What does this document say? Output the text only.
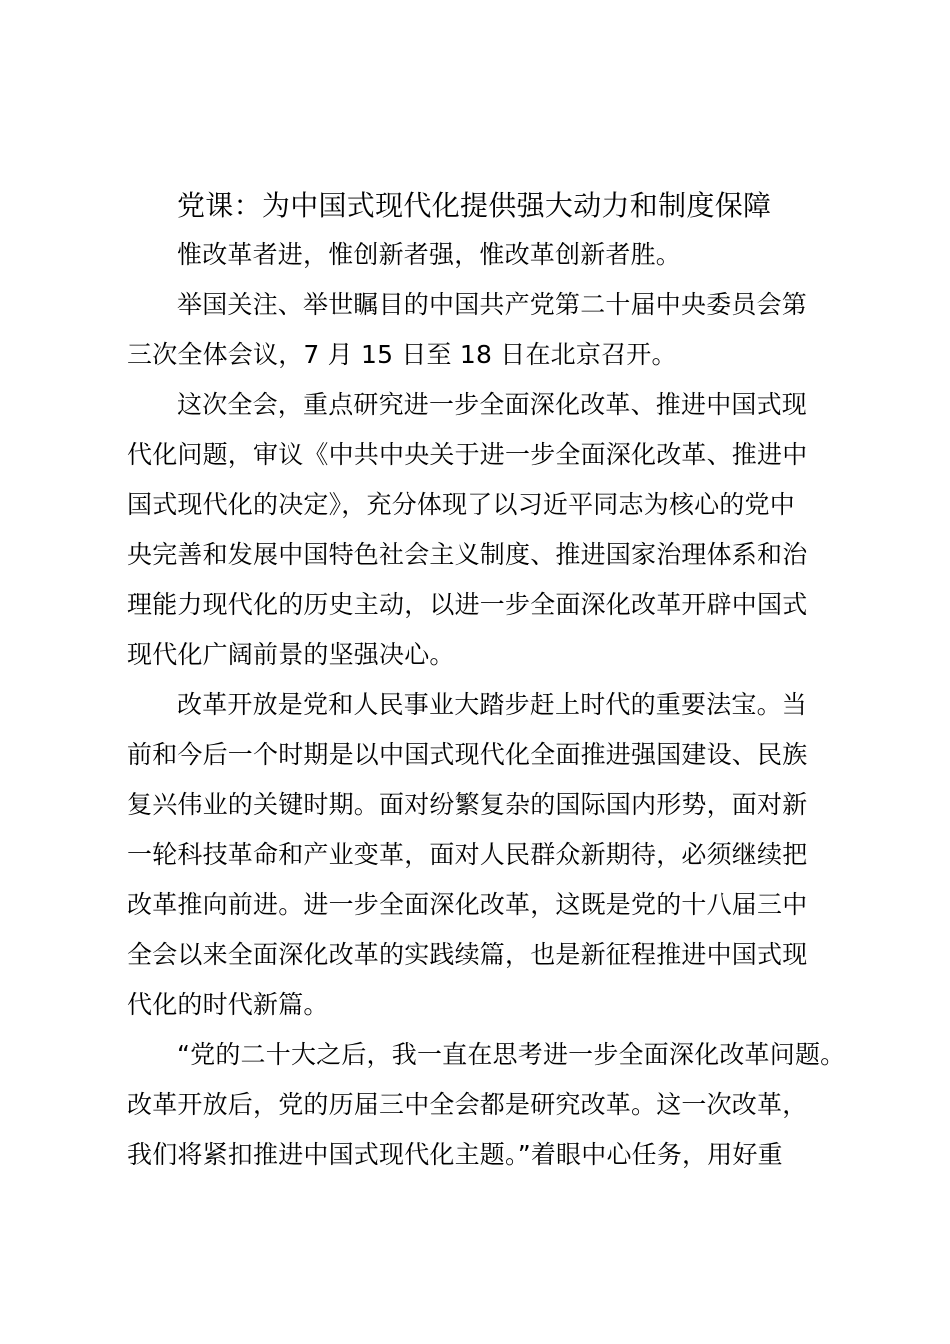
党课：为中国式现代化提供强大动力和制度保障

惟改革者进，惟创新者强，惟改革创新者胜。

举国关注、举世瞩目的中国共产党第二十届中央委员会第
三次全体会议，7 月 15 日至 18 日在北京召开。

这次全会，重点研究进一步全面深化改革、推进中国式现
代化问题，审议《中共中央关于进一步全面深化改革、推进中
国式现代化的决定》，充分体现了以习近平同志为核心的党中
央完善和发展中国特色社会主义制度、推进国家治理体系和治
理能力现代化的历史主动，以进一步全面深化改革开辟中国式
现代化广阔前景的坚强决心。

改革开放是党和人民事业大踏步赶上时代的重要法宝。当
前和今后一个时期是以中国式现代化全面推进强国建设、民族
复兴伟业的关键时期。面对纷繁复杂的国际国内形势，面对新
一轮科技革命和产业变革，面对人民群众新期待，必须继续把
改革推向前进。进一步全面深化改革，这既是党的十八届三中
全会以来全面深化改革的实践续篇，也是新征程推进中国式现
代化的时代新篇。

“党的二十大之后，我一直在思考进一步全面深化改革问题。
改革开放后，党的历届三中全会都是研究改革。这一次改革，
我们将紧扣推进中国式现代化主题。”着眼中心任务，用好重
